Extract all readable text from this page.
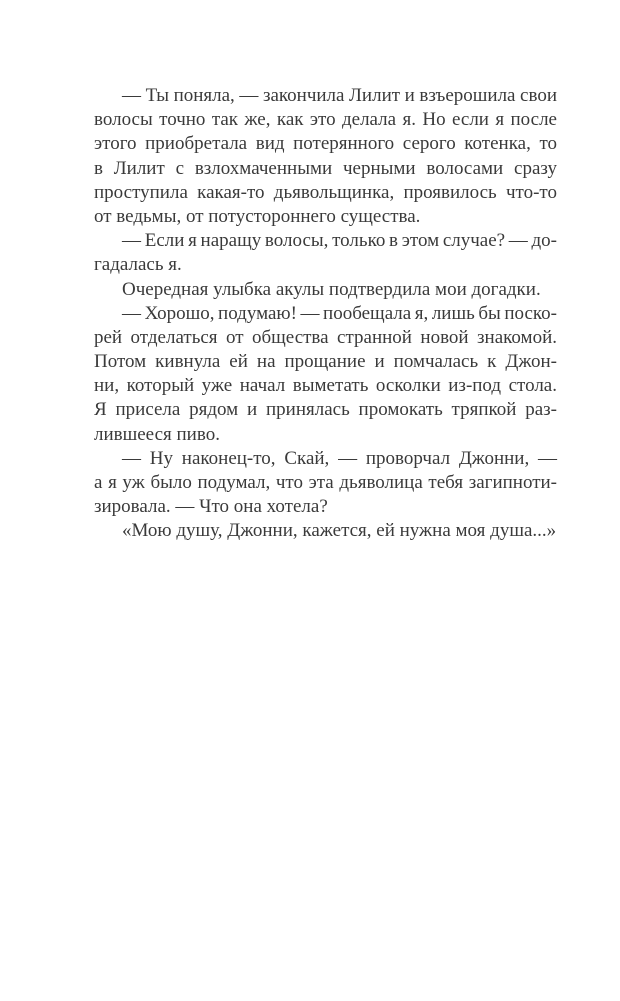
— Ты поняла, — закончила Лилит и взъерошила свои
волосы точно так же, как это делала я. Но если я после
этого приобретала вид потерянного серого котенка, то
в Лилит с взлохмаченными черными волосами сразу
проступила какая-то дьявольщинка, проявилось что-то
от ведьмы, от потустороннего существа.
— Если я наращу волосы, только в этом случае? — до-
гадалась я.
Очередная улыбка акулы подтвердила мои догадки.
— Хорошо, подумаю! — пообещала я, лишь бы поско-
рей отделаться от общества странной новой знакомой.
Потом кивнула ей на прощание и помчалась к Джон-
ни, который уже начал выметать осколки из-под стола.
Я присела рядом и принялась промокать тряпкой раз-
лившееся пиво.
— Ну наконец-то, Скай, — проворчал Джонни, —
а я уж было подумал, что эта дьяволица тебя загипноти-
зировала. — Что она хотела?
«Мою душу, Джонни, кажется, ей нужна моя душа...»
